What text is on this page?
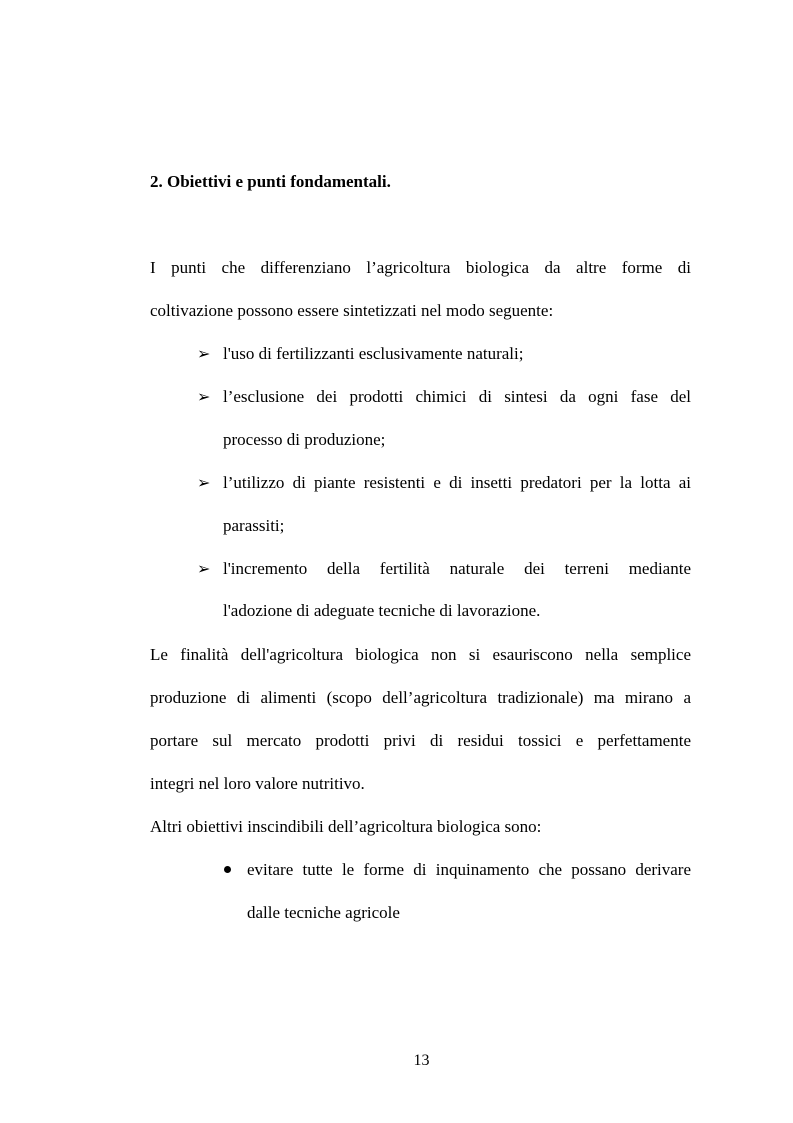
2. Obiettivi e punti fondamentali.

I punti che differenziano l’agricoltura biologica da altre forme di

coltivazione possono essere sintetizzati nel modo seguente:

➢ l'uso di fertilizzanti esclusivamente naturali;

➢ l’esclusione dei prodotti chimici di sintesi da ogni fase del

processo di produzione;

➢ l’utilizzo di piante resistenti e di insetti predatori per la lotta ai

parassiti;

➢ l'incremento della fertilità naturale dei terreni mediante

l'adozione di adeguate tecniche di lavorazione.

Le finalità dell'agricoltura biologica non si esauriscono nella semplice

produzione di alimenti (scopo dell’agricoltura tradizionale) ma mirano a

portare sul mercato prodotti privi di residui tossici e perfettamente

integri nel loro valore nutritivo.

Altri obiettivi inscindibili dell’agricoltura biologica sono:

evitare tutte le forme di inquinamento che possano derivare

dalle tecniche agricole

13
